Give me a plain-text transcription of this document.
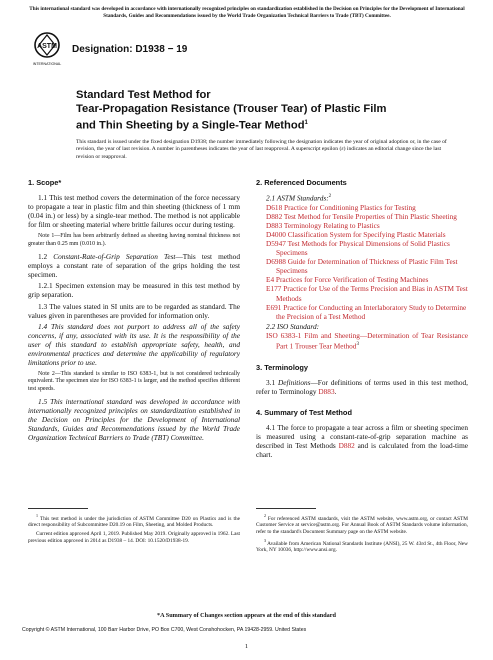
This international standard was developed in accordance with internationally recognized principles on standardization established in the Decision on Principles for the Development of International Standards, Guides and Recommendations issued by the World Trade Organization Technical Barriers to Trade (TBT) Committee.
ASTM
INTERNATIONAL
Designation: D1938 − 19
Standard Test Method for
Tear-Propagation Resistance (Trouser Tear) of Plastic Film
and Thin Sheeting by a Single-Tear Method$^1$
This standard is issued under the fixed designation D1938; the number immediately following the designation indicates the year of original adoption or, in the case of revision, the year of last revision. A number in parentheses indicates the year of last reapproval. A superscript epsilon (ε) indicates an editorial change since the last revision or reapproval.

1. Scope*

1.1 This test method covers the determination of the force necessary to propagate a tear in plastic film and thin sheeting (thickness of 1 mm (0.04 in.) or less) by a single-tear method. The method is not applicable for film or sheeting material where brittle failures occur during testing.

Note 1—Film has been arbitrarily defined as sheeting having nominal thickness not greater than 0.25 mm (0.010 in.).

1.2 Constant-Rate-of-Grip Separation Test—This test method employs a constant rate of separation of the grips holding the test specimen.

1.2.1 Specimen extension may be measured in this test method by grip separation.

1.3 The values stated in SI units are to be regarded as standard. The values given in parentheses are provided for information only.

1.4 This standard does not purport to address all of the safety concerns, if any, associated with its use. It is the responsibility of the user of this standard to establish appropriate safety, health, and environmental practices and determine the applicability of regulatory limitations prior to use.

Note 2—This standard is similar to ISO 6383-1, but is not considered technically equivalent. The specimen size for ISO 6383-1 is larger, and the method specifies different test speeds.

1.5 This international standard was developed in accordance with internationally recognized principles on standardization established in the Decision on Principles for the Development of International Standards, Guides and Recommendations issued by the World Trade Organization Technical Barriers to Trade (TBT) Committee.

2. Referenced Documents

2.1 ASTM Standards:$^2$

D618 Practice for Conditioning Plastics for Testing

D882 Test Method for Tensile Properties of Thin Plastic Sheeting

D883 Terminology Relating to Plastics

D4000 Classification System for Specifying Plastic Materials

D5947 Test Methods for Physical Dimensions of Solid Plastics Specimens

D6988 Guide for Determination of Thickness of Plastic Film Test Specimens

E4 Practices for Force Verification of Testing Machines

E177 Practice for Use of the Terms Precision and Bias in ASTM Test Methods

E691 Practice for Conducting an Interlaboratory Study to Determine the Precision of a Test Method

2.2 ISO Standard:

ISO 6383-1 Film and Sheeting—Determination of Tear Resistance Part 1 Trouser Tear Method$^3$

3. Terminology

3.1 Definitions—For definitions of terms used in this test method, refer to Terminology D883.

4. Summary of Test Method

4.1 The force to propagate a tear across a film or sheeting specimen is measured using a constant-rate-of-grip separation machine as described in Test Methods D882 and is calculated from the load-time chart.

$^1$ This test method is under the jurisdiction of ASTM Committee D20 on Plastics and is the direct responsibility of Subcommittee D20.19 on Film, Sheeting, and Molded Products.

Current edition approved April 1, 2019. Published May 2019. Originally approved in 1962. Last previous edition approved in 2014 as D1938 – 14. DOI: 10.1520/D1938-19.

$^2$ For referenced ASTM standards, visit the ASTM website, www.astm.org, or contact ASTM Customer Service at service@astm.org. For Annual Book of ASTM Standards volume information, refer to the standard's Document Summary page on the ASTM website.

$^3$ Available from American National Standards Institute (ANSI), 25 W. 43rd St., 4th Floor, New York, NY 10036, http://www.ansi.org.

*A Summary of Changes section appears at the end of this standard
Copyright © ASTM International, 100 Barr Harbor Drive, PO Box C700, West Conshohocken, PA 19428-2959. United States
1
